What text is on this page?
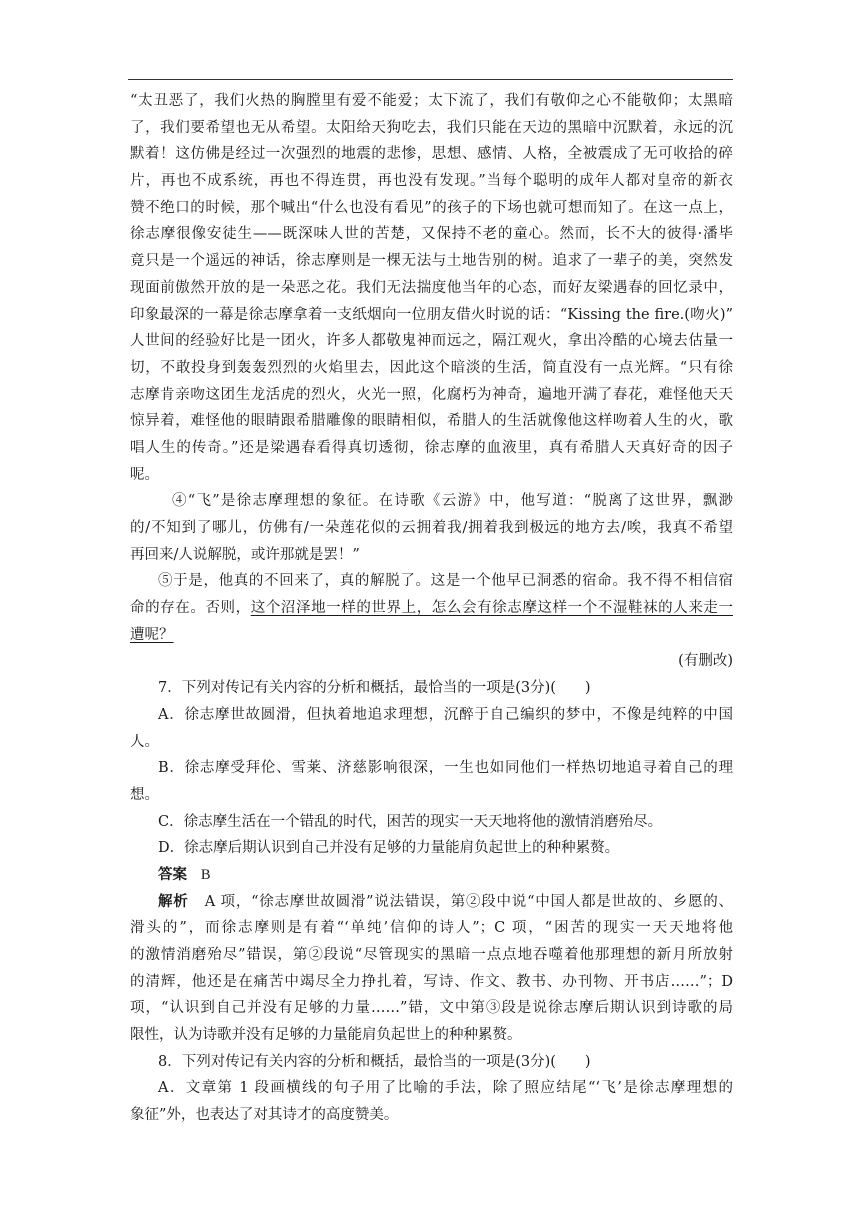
“太丑恶了，我们火热的胸膛里有爱不能爱；太下流了，我们有敬仰之心不能敬仰；太黑暗
了，我们要希望也无从希望。太阳给天狗吃去，我们只能在天边的黑暗中沉默着，永远的沉
默着！这仿佛是经过一次强烈的地震的悲惨，思想、感情、人格，全被震成了无可收拾的碎
片，再也不成系统，再也不得连贯，再也没有发现。”当每个聪明的成年人都对皇帝的新衣
赞不绝口的时候，那个喊出“什么也没有看见”的孩子的下场也就可想而知了。在这一点上，
徐志摩很像安徒生——既深味人世的苦楚，又保持不老的童心。然而，长不大的彼得·潘毕
竟只是一个遥远的神话，徐志摩则是一棵无法与土地告别的树。追求了一辈子的美，突然发
现面前傲然开放的是一朵恶之花。我们无法揣度他当年的心态，而好友梁遇春的回忆录中，
印象最深的一幕是徐志摩拿着一支纸烟向一位朋友借火时说的话：“Kissing the fire.(吻火)”
人世间的经验好比是一团火，许多人都敬鬼神而远之，隔江观火，拿出冷酷的心境去估量一
切，不敢投身到轰轰烈烈的火焰里去，因此这个暗淡的生活，简直没有一点光辉。“只有徐
志摩肯亲吻这团生龙活虎的烈火，火光一照，化腐朽为神奇，遍地开满了春花，难怪他天天
惊异着，难怪他的眼睛跟希腊雕像的眼睛相似，希腊人的生活就像他这样吻着人生的火，歌
唱人生的传奇。”还是梁遇春看得真切透彻，徐志摩的血液里，真有希腊人天真好奇的因子
呢。
④“飞”是徐志摩理想的象征。在诗歌《云游》中，他写道：“脱离了这世界，飘渺
的/不知到了哪儿，仿佛有/一朵莲花似的云拥着我/拥着我到极远的地方去/唉，我真不希望
再回来/人说解脱，或许那就是罢！”
⑤于是，他真的不回来了，真的解脱了。这是一个他早已洞悉的宿命。我不得不相信宿
命的存在。否则，这个沼泽地一样的世界上，怎么会有徐志摩这样一个不湿鞋袜的人来走一
遭呢？
(有删改)
7．下列对传记有关内容的分析和概括，最恰当的一项是(3分)(　　)
A．徐志摩世故圆滑，但执着地追求理想，沉醉于自己编织的梦中，不像是纯粹的中国
人。
B．徐志摩受拜伦、雪莱、济慈影响很深，一生也如同他们一样热切地追寻着自己的理
想。
C．徐志摩生活在一个错乱的时代，困苦的现实一天天地将他的激情消磨殆尽。
D．徐志摩后期认识到自己并没有足够的力量能肩负起世上的种种累赘。
答案 B
解析 A 项，“徐志摩世故圆滑”说法错误，第②段中说“中国人都是世故的、乡愿的、
滑头的”，而徐志摩则是有着“‘单纯’信仰的诗人”；C 项，“困苦的现实一天天地将他
的激情消磨殆尽”错误，第②段说“尽管现实的黑暗一点点地吞噬着他那理想的新月所放射
的清辉，他还是在痛苦中竭尽全力挣扎着，写诗、作文、教书、办刊物、开书店……”；D
项，“认识到自己并没有足够的力量……”错，文中第③段是说徐志摩后期认识到诗歌的局
限性，认为诗歌并没有足够的力量能肩负起世上的种种累赘。
8．下列对传记有关内容的分析和概括，最恰当的一项是(3分)(　　)
A．文章第 1 段画横线的句子用了比喻的手法，除了照应结尾“‘飞’是徐志摩理想的
象征”外，也表达了对其诗才的高度赞美。
